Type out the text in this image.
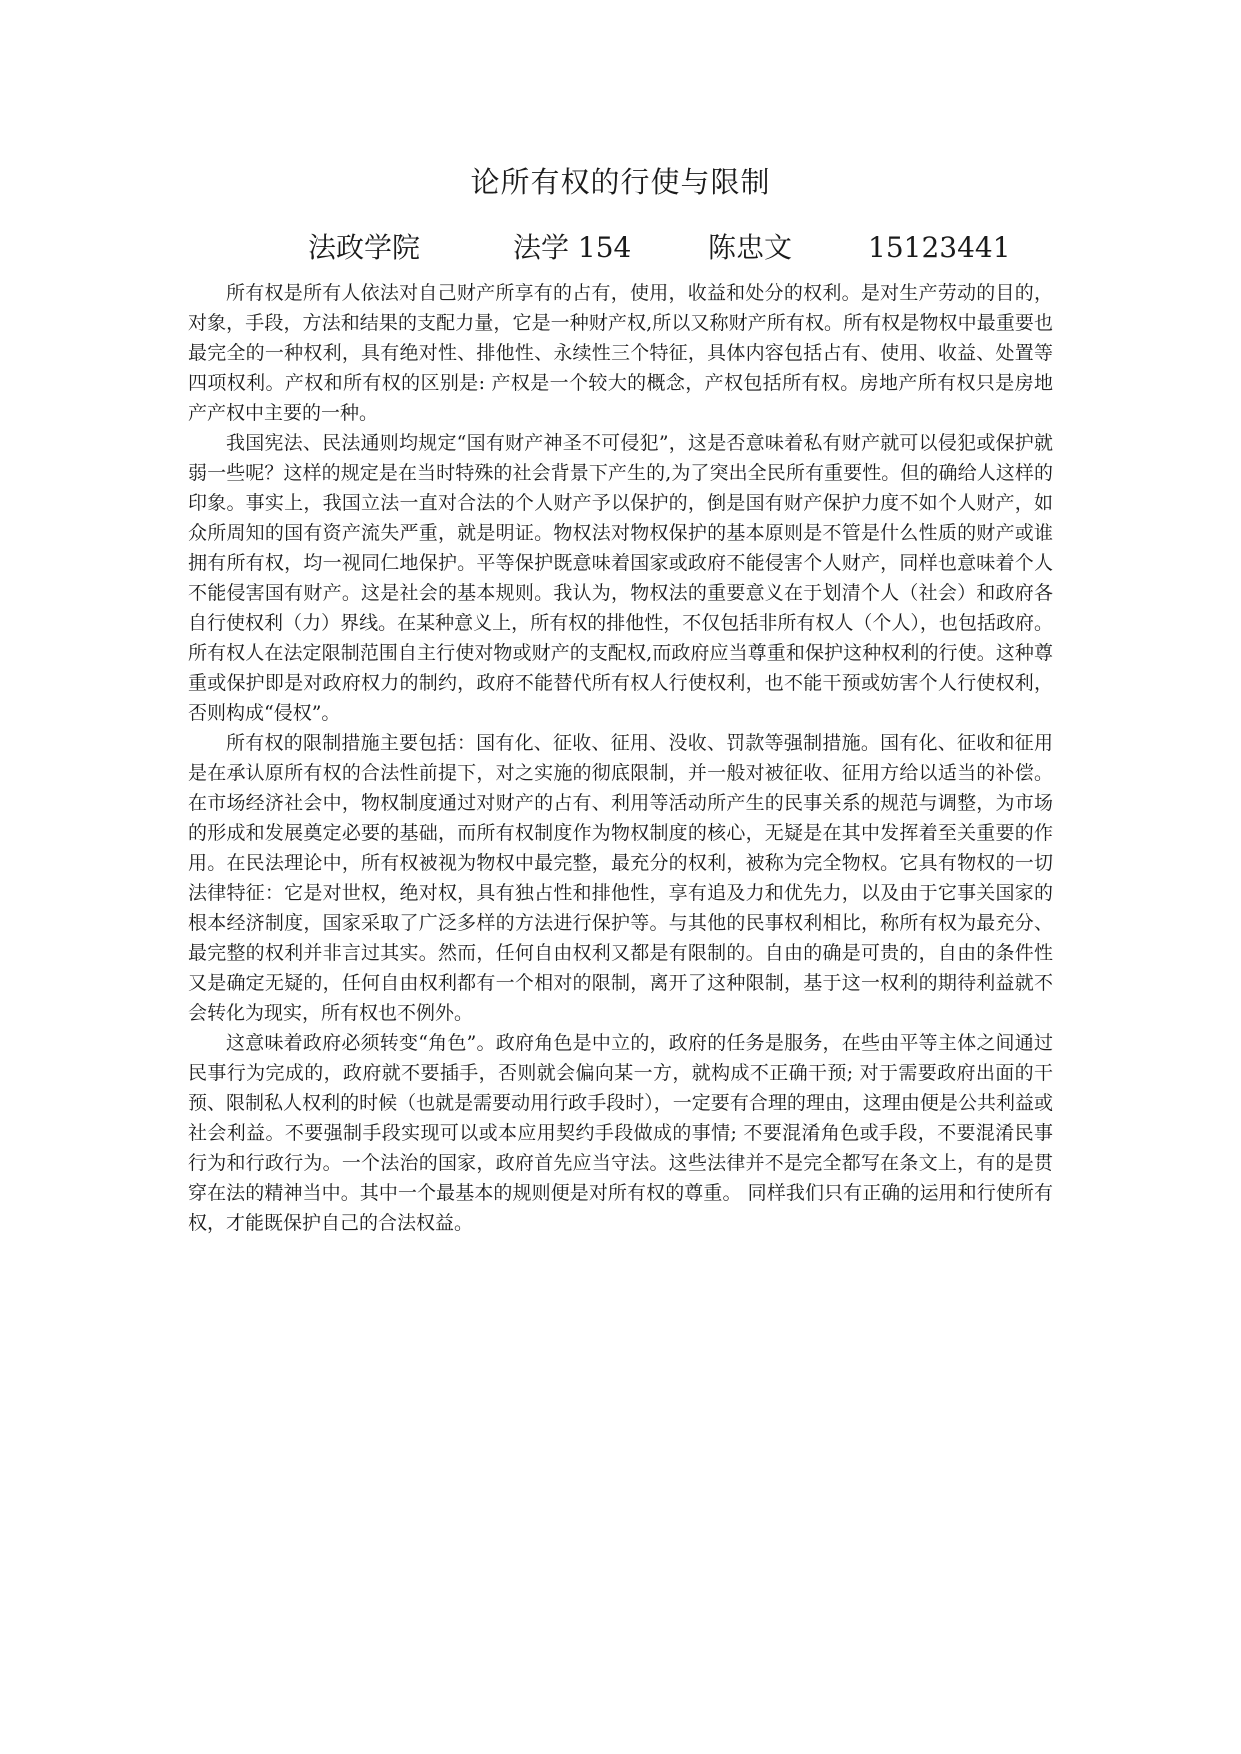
论所有权的行使与限制
法政学院	法学 154	陈忠文	15123441

所有权是所有人依法对自己财产所享有的占有，使用，收益和处分的权利。是对生产劳动的目的，对象，手段，方法和结果的支配力量，它是一种财产权,所以又称财产所有权。所有权是物权中最重要也最完全的一种权利，具有绝对性、排他性、永续性三个特征，具体内容包括占有、使用、收益、处置等四项权利。产权和所有权的区别是: 产权是一个较大的概念，产权包括所有权。房地产所有权只是房地产产权中主要的一种。

我国宪法、民法通则均规定“国有财产神圣不可侵犯”，这是否意味着私有财产就可以侵犯或保护就弱一些呢？这样的规定是在当时特殊的社会背景下产生的,为了突出全民所有重要性。但的确给人这样的印象。事实上，我国立法一直对合法的个人财产予以保护的，倒是国有财产保护力度不如个人财产，如众所周知的国有资产流失严重，就是明证。物权法对物权保护的基本原则是不管是什么性质的财产或谁拥有所有权，均一视同仁地保护。平等保护既意味着国家或政府不能侵害个人财产，同样也意味着个人不能侵害国有财产。这是社会的基本规则。我认为，物权法的重要意义在于划清个人（社会）和政府各自行使权利（力）界线。在某种意义上，所有权的排他性，不仅包括非所有权人（个人），也包括政府。所有权人在法定限制范围自主行使对物或财产的支配权,而政府应当尊重和保护这种权利的行使。这种尊重或保护即是对政府权力的制约，政府不能替代所有权人行使权利，也不能干预或妨害个人行使权利，否则构成“侵权”。

所有权的限制措施主要包括：国有化、征收、征用、没收、罚款等强制措施。国有化、征收和征用是在承认原所有权的合法性前提下，对之实施的彻底限制，并一般对被征收、征用方给以适当的补偿。在市场经济社会中，物权制度通过对财产的占有、利用等活动所产生的民事关系的规范与调整，为市场的形成和发展奠定必要的基础，而所有权制度作为物权制度的核心，无疑是在其中发挥着至关重要的作用。在民法理论中，所有权被视为物权中最完整，最充分的权利，被称为完全物权。它具有物权的一切法律特征：它是对世权，绝对权，具有独占性和排他性，享有追及力和优先力，以及由于它事关国家的根本经济制度，国家采取了广泛多样的方法进行保护等。与其他的民事权利相比，称所有权为最充分、最完整的权利并非言过其实。然而，任何自由权利又都是有限制的。自由的确是可贵的，自由的条件性又是确定无疑的，任何自由权利都有一个相对的限制，离开了这种限制，基于这一权利的期待利益就不会转化为现实，所有权也不例外。

这意味着政府必须转变“角色”。政府角色是中立的，政府的任务是服务，在些由平等主体之间通过民事行为完成的，政府就不要插手，否则就会偏向某一方，就构成不正确干预; 对于需要政府出面的干预、限制私人权利的时候（也就是需要动用行政手段时），一定要有合理的理由，这理由便是公共利益或社会利益。不要强制手段实现可以或本应用契约手段做成的事情; 不要混淆角色或手段，不要混淆民事行为和行政行为。一个法治的国家，政府首先应当守法。这些法律并不是完全都写在条文上，有的是贯穿在法的精神当中。其中一个最基本的规则便是对所有权的尊重。 同样我们只有正确的运用和行使所有权，才能既保护自己的合法权益。
